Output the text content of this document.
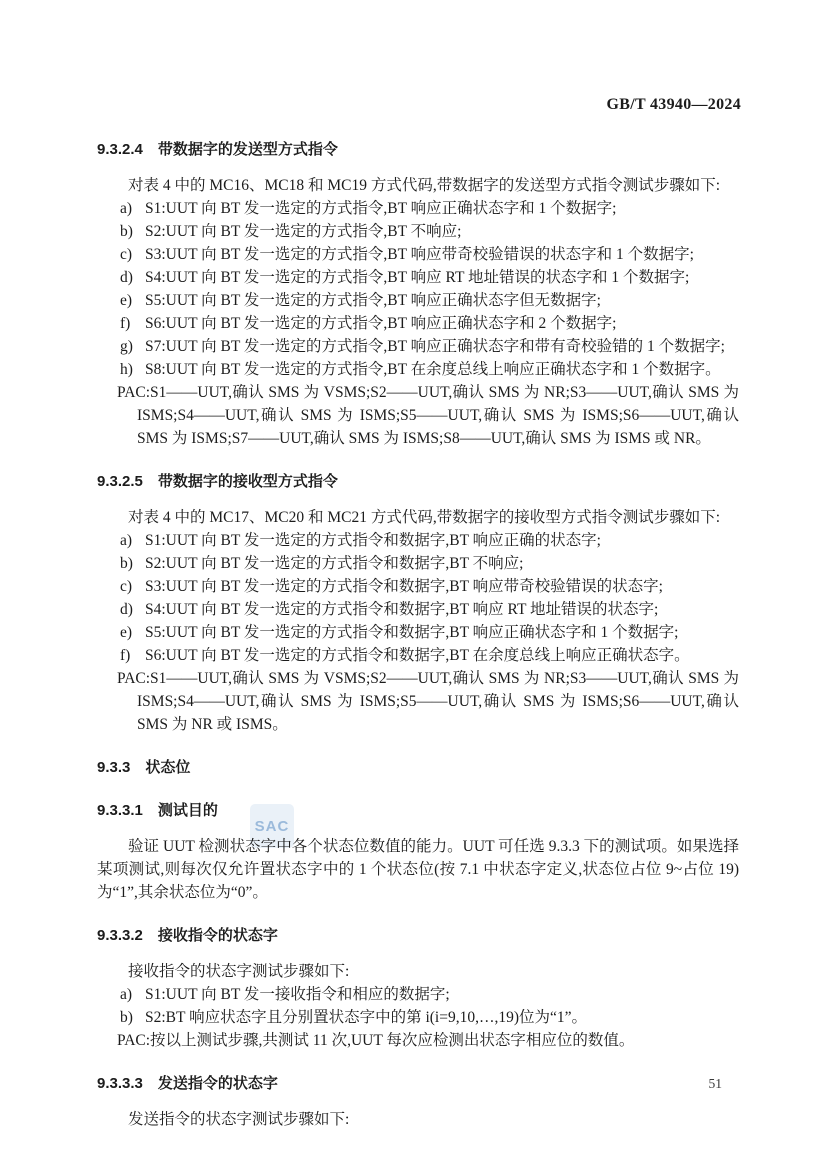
GB/T 43940—2024
SAC
9.3.2.4 带数据字的发送型方式指令

对表 4 中的 MC16、MC18 和 MC19 方式代码,带数据字的发送型方式指令测试步骤如下:

a) S1:UUT 向 BT 发一选定的方式指令,BT 响应正确状态字和 1 个数据字;
b) S2:UUT 向 BT 发一选定的方式指令,BT 不响应;
c) S3:UUT 向 BT 发一选定的方式指令,BT 响应带奇校验错误的状态字和 1 个数据字;
d) S4:UUT 向 BT 发一选定的方式指令,BT 响应 RT 地址错误的状态字和 1 个数据字;
e) S5:UUT 向 BT 发一选定的方式指令,BT 响应正确状态字但无数据字;
f) S6:UUT 向 BT 发一选定的方式指令,BT 响应正确状态字和 2 个数据字;
g) S7:UUT 向 BT 发一选定的方式指令,BT 响应正确状态字和带有奇校验错的 1 个数据字;
h) S8:UUT 向 BT 发一选定的方式指令,BT 在余度总线上响应正确状态字和 1 个数据字。
PAC:S1——UUT,确认 SMS 为 VSMS;S2——UUT,确认 SMS 为 NR;S3——UUT,确认 SMS 为 ISMS;S4——UUT,确认 SMS 为 ISMS;S5——UUT,确认 SMS 为 ISMS;S6——UUT,确认 SMS 为 ISMS;S7——UUT,确认 SMS 为 ISMS;S8——UUT,确认 SMS 为 ISMS 或 NR。
9.3.2.5 带数据字的接收型方式指令

对表 4 中的 MC17、MC20 和 MC21 方式代码,带数据字的接收型方式指令测试步骤如下:

a) S1:UUT 向 BT 发一选定的方式指令和数据字,BT 响应正确的状态字;
b) S2:UUT 向 BT 发一选定的方式指令和数据字,BT 不响应;
c) S3:UUT 向 BT 发一选定的方式指令和数据字,BT 响应带奇校验错误的状态字;
d) S4:UUT 向 BT 发一选定的方式指令和数据字,BT 响应 RT 地址错误的状态字;
e) S5:UUT 向 BT 发一选定的方式指令和数据字,BT 响应正确状态字和 1 个数据字;
f) S6:UUT 向 BT 发一选定的方式指令和数据字,BT 在余度总线上响应正确状态字。
PAC:S1——UUT,确认 SMS 为 VSMS;S2——UUT,确认 SMS 为 NR;S3——UUT,确认 SMS 为 ISMS;S4——UUT,确认 SMS 为 ISMS;S5——UUT,确认 SMS 为 ISMS;S6——UUT,确认 SMS 为 NR 或 ISMS。
9.3.3 状态位
9.3.3.1 测试目的

验证 UUT 检测状态字中各个状态位数值的能力。UUT 可任选 9.3.3 下的测试项。如果选择某项测试,则每次仅允许置状态字中的 1 个状态位(按 7.1 中状态字定义,状态位占位 9~占位 19)为“1”,其余状态位为“0”。

9.3.3.2 接收指令的状态字

接收指令的状态字测试步骤如下:

a) S1:UUT 向 BT 发一接收指令和相应的数据字;
b) S2:BT 响应状态字且分别置状态字中的第 i(i=9,10,…,19)位为“1”。
PAC:按以上测试步骤,共测试 11 次,UUT 每次应检测出状态字相应位的数值。
9.3.3.3 发送指令的状态字

发送指令的状态字测试步骤如下:

51
